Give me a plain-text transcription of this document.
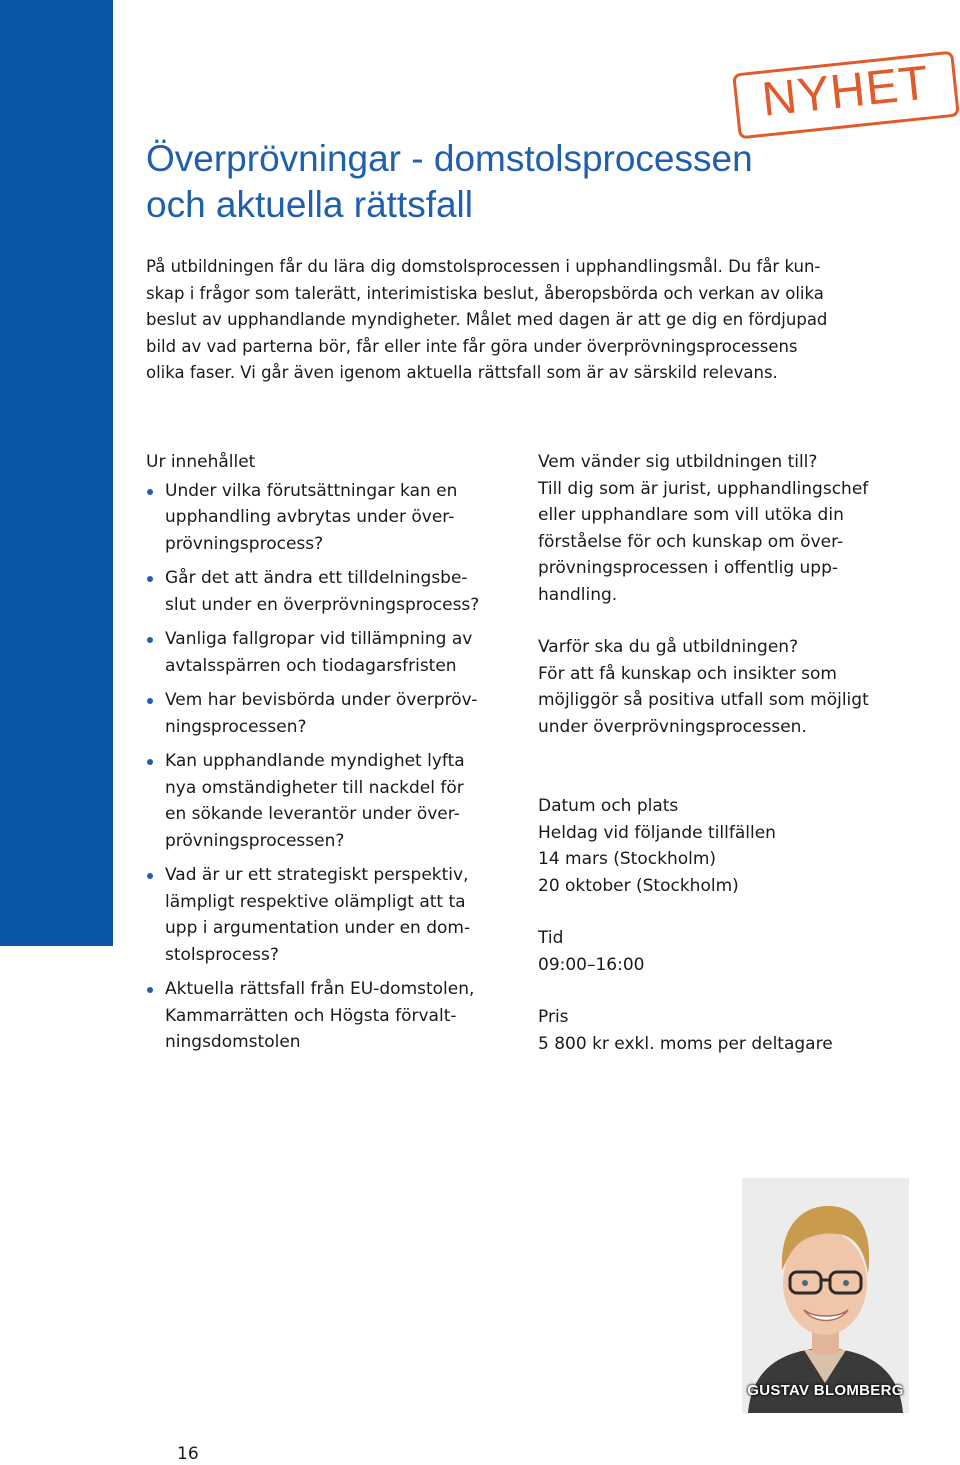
NYHET
Överprövningar - domstolsprocessen
och aktuella rättsfall

På utbildningen får du lära dig domstolsprocessen i upphandlingsmål. Du får kun-
skap i frågor som talerätt, interimistiska beslut, åberopsbörda och verkan av olika
beslut av upphandlande myndigheter. Målet med dagen är att ge dig en fördjupad
bild av vad parterna bör, får eller inte får göra under överprövningsprocessens
olika faser. Vi går även igenom aktuella rättsfall som är av särskild relevans.

Ur innehållet
Under vilka förutsättningar kan en
upphandling avbrytas under över-
prövningsprocess?
Går det att ändra ett tilldelningsbe-
slut under en överprövningsprocess?
Vanliga fallgropar vid tillämpning av
avtalsspärren och tiodagarsfristen
Vem har bevisbörda under överpröv-
ningsprocessen?
Kan upphandlande myndighet lyfta
nya omständigheter till nackdel för
en sökande leverantör under över-
prövningsprocessen?
Vad är ur ett strategiskt perspektiv,
lämpligt respektive olämpligt att ta
upp i argumentation under en dom-
stolsprocess?
Aktuella rättsfall från EU-domstolen,
Kammarrätten och Högsta förvalt-
ningsdomstolen
Vem vänder sig utbildningen till?
Till dig som är jurist, upphandlingschef
eller upphandlare som vill utöka din
förståelse för och kunskap om över-
prövningsprocessen i offentlig upp-
handling.
Varför ska du gå utbildningen?
För att få kunskap och insikter som
möjliggör så positiva utfall som möjligt
under överprövningsprocessen.
Datum och plats
Heldag vid följande tillfällen
14 mars (Stockholm)
20 oktober (Stockholm)
Tid
09:00–16:00
Pris
5 800 kr exkl. moms per deltagare
GUSTAV BLOMBERG
16
